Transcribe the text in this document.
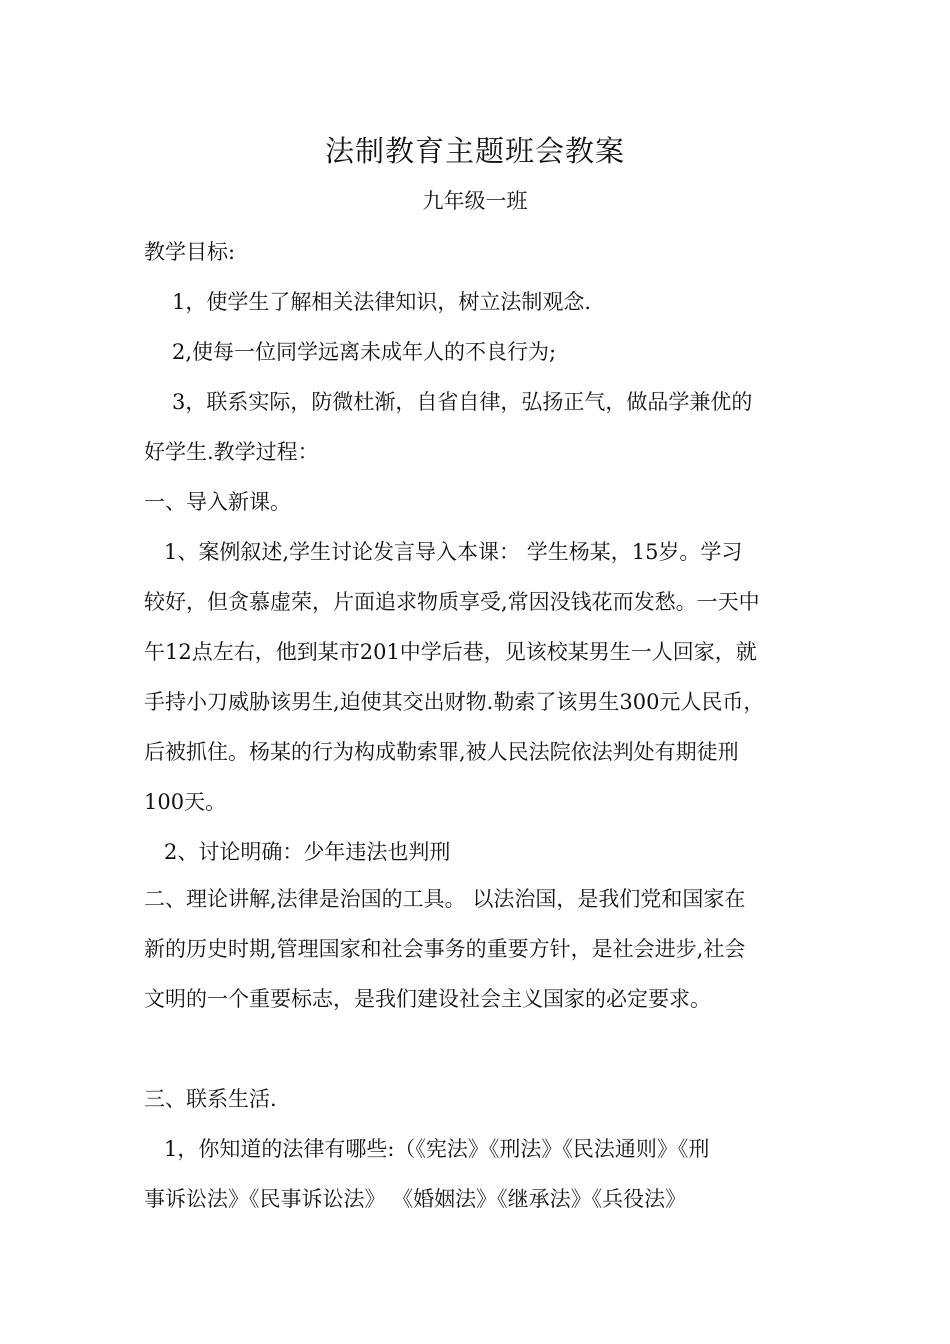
法制教育主题班会教案
九年级一班
教学目标:
1，使学生了解相关法律知识，树立法制观念.
2,使每一位同学远离未成年人的不良行为;
3，联系实际，防微杜渐，自省自律，弘扬正气，做品学兼优的
好学生.教学过程：
一、导入新课。
1、案例叙述,学生讨论发言导入本课： 学生杨某，15岁。学习
较好，但贪慕虚荣，片面追求物质享受,常因没钱花而发愁。一天中
午12点左右，他到某市201中学后巷，见该校某男生一人回家，就
手持小刀威胁该男生,迫使其交出财物.勒索了该男生300元人民币，
后被抓住。杨某的行为构成勒索罪,被人民法院依法判处有期徒刑
100天。
2、讨论明确：少年违法也判刑
二、理论讲解,法律是治国的工具。 以法治国，是我们党和国家在
新的历史时期,管理国家和社会事务的重要方针，是社会进步,社会
文明的一个重要标志，是我们建设社会主义国家的必定要求。
三、联系生活.
1，你知道的法律有哪些:（《宪法》《刑法》《民法通则》《刑
事诉讼法》《民事诉讼法》 《婚姻法》《继承法》《兵役法》
